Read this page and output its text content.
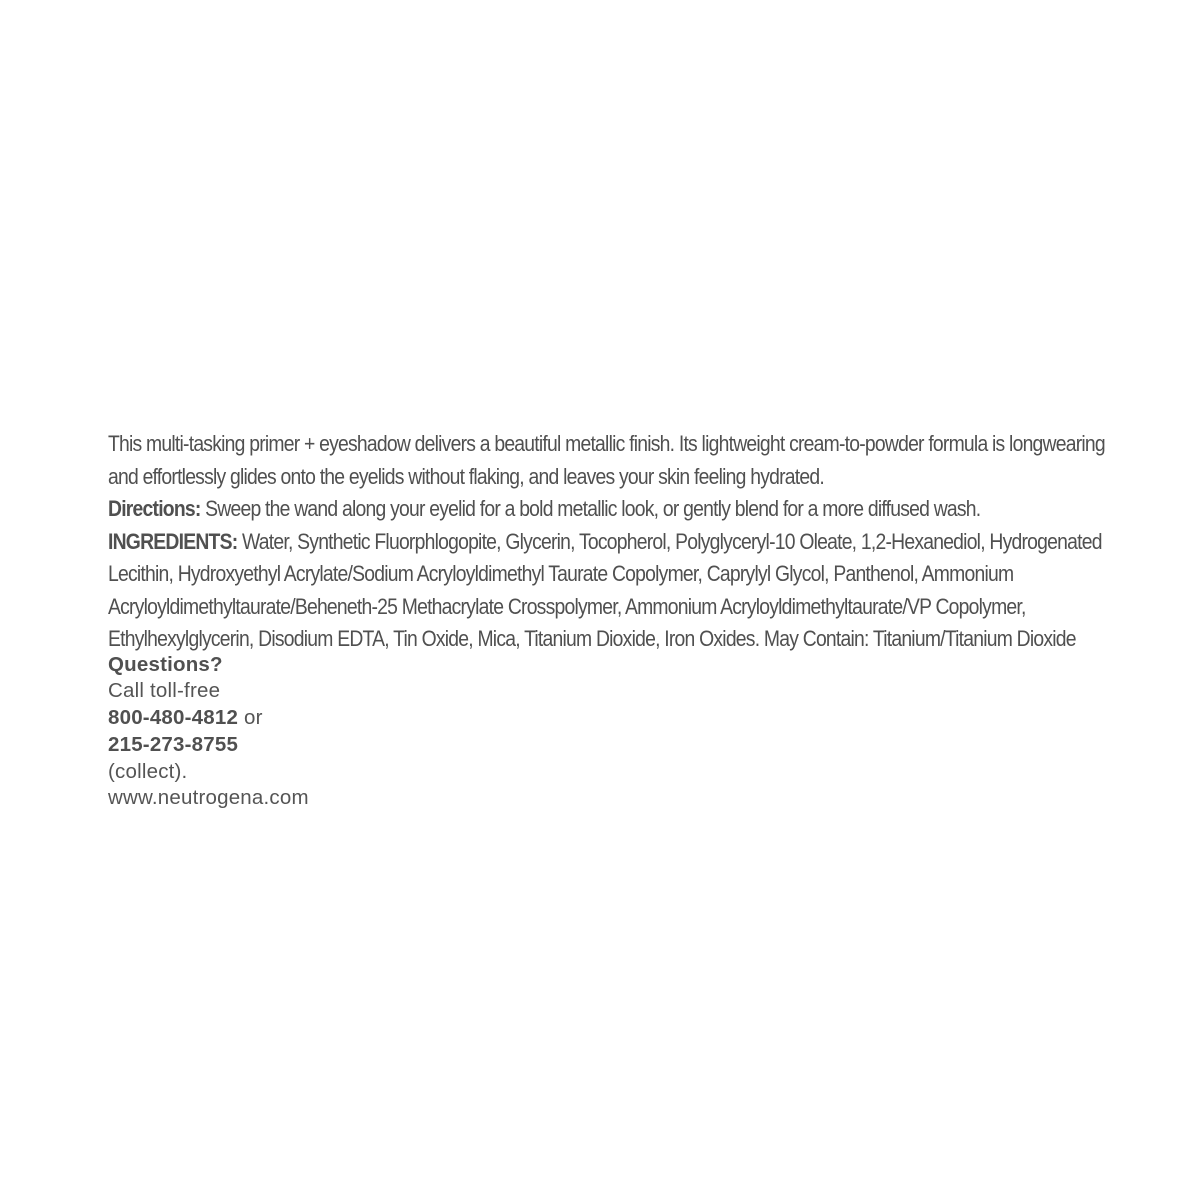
This multi-tasking primer + eyeshadow delivers a beautiful metallic finish. Its lightweight cream-to-powder formula is longwearing and effortlessly glides onto the eyelids without flaking, and leaves your skin feeling hydrated.

Directions: Sweep the wand along your eyelid for a bold metallic look, or gently blend for a more diffused wash.

INGREDIENTS: Water, Synthetic Fluorphlogopite, Glycerin, Tocopherol, Polyglyceryl-10 Oleate, 1,2-Hexanediol, Hydrogenated Lecithin, Hydroxyethyl Acrylate/Sodium Acryloyldimethyl Taurate Copolymer, Caprylyl Glycol, Panthenol, Ammonium Acryloyldimethyltaurate/Beheneth-25 Methacrylate Crosspolymer, Ammonium Acryloyldimethyltaurate/VP Copolymer, Ethylhexylglycerin, Disodium EDTA, Tin Oxide, Mica, Titanium Dioxide, Iron Oxides. May Contain: Titanium/Titanium Dioxide

Questions?
Call toll-free
800-480-4812 or
215-273-8755
(collect).
www.neutrogena.com
